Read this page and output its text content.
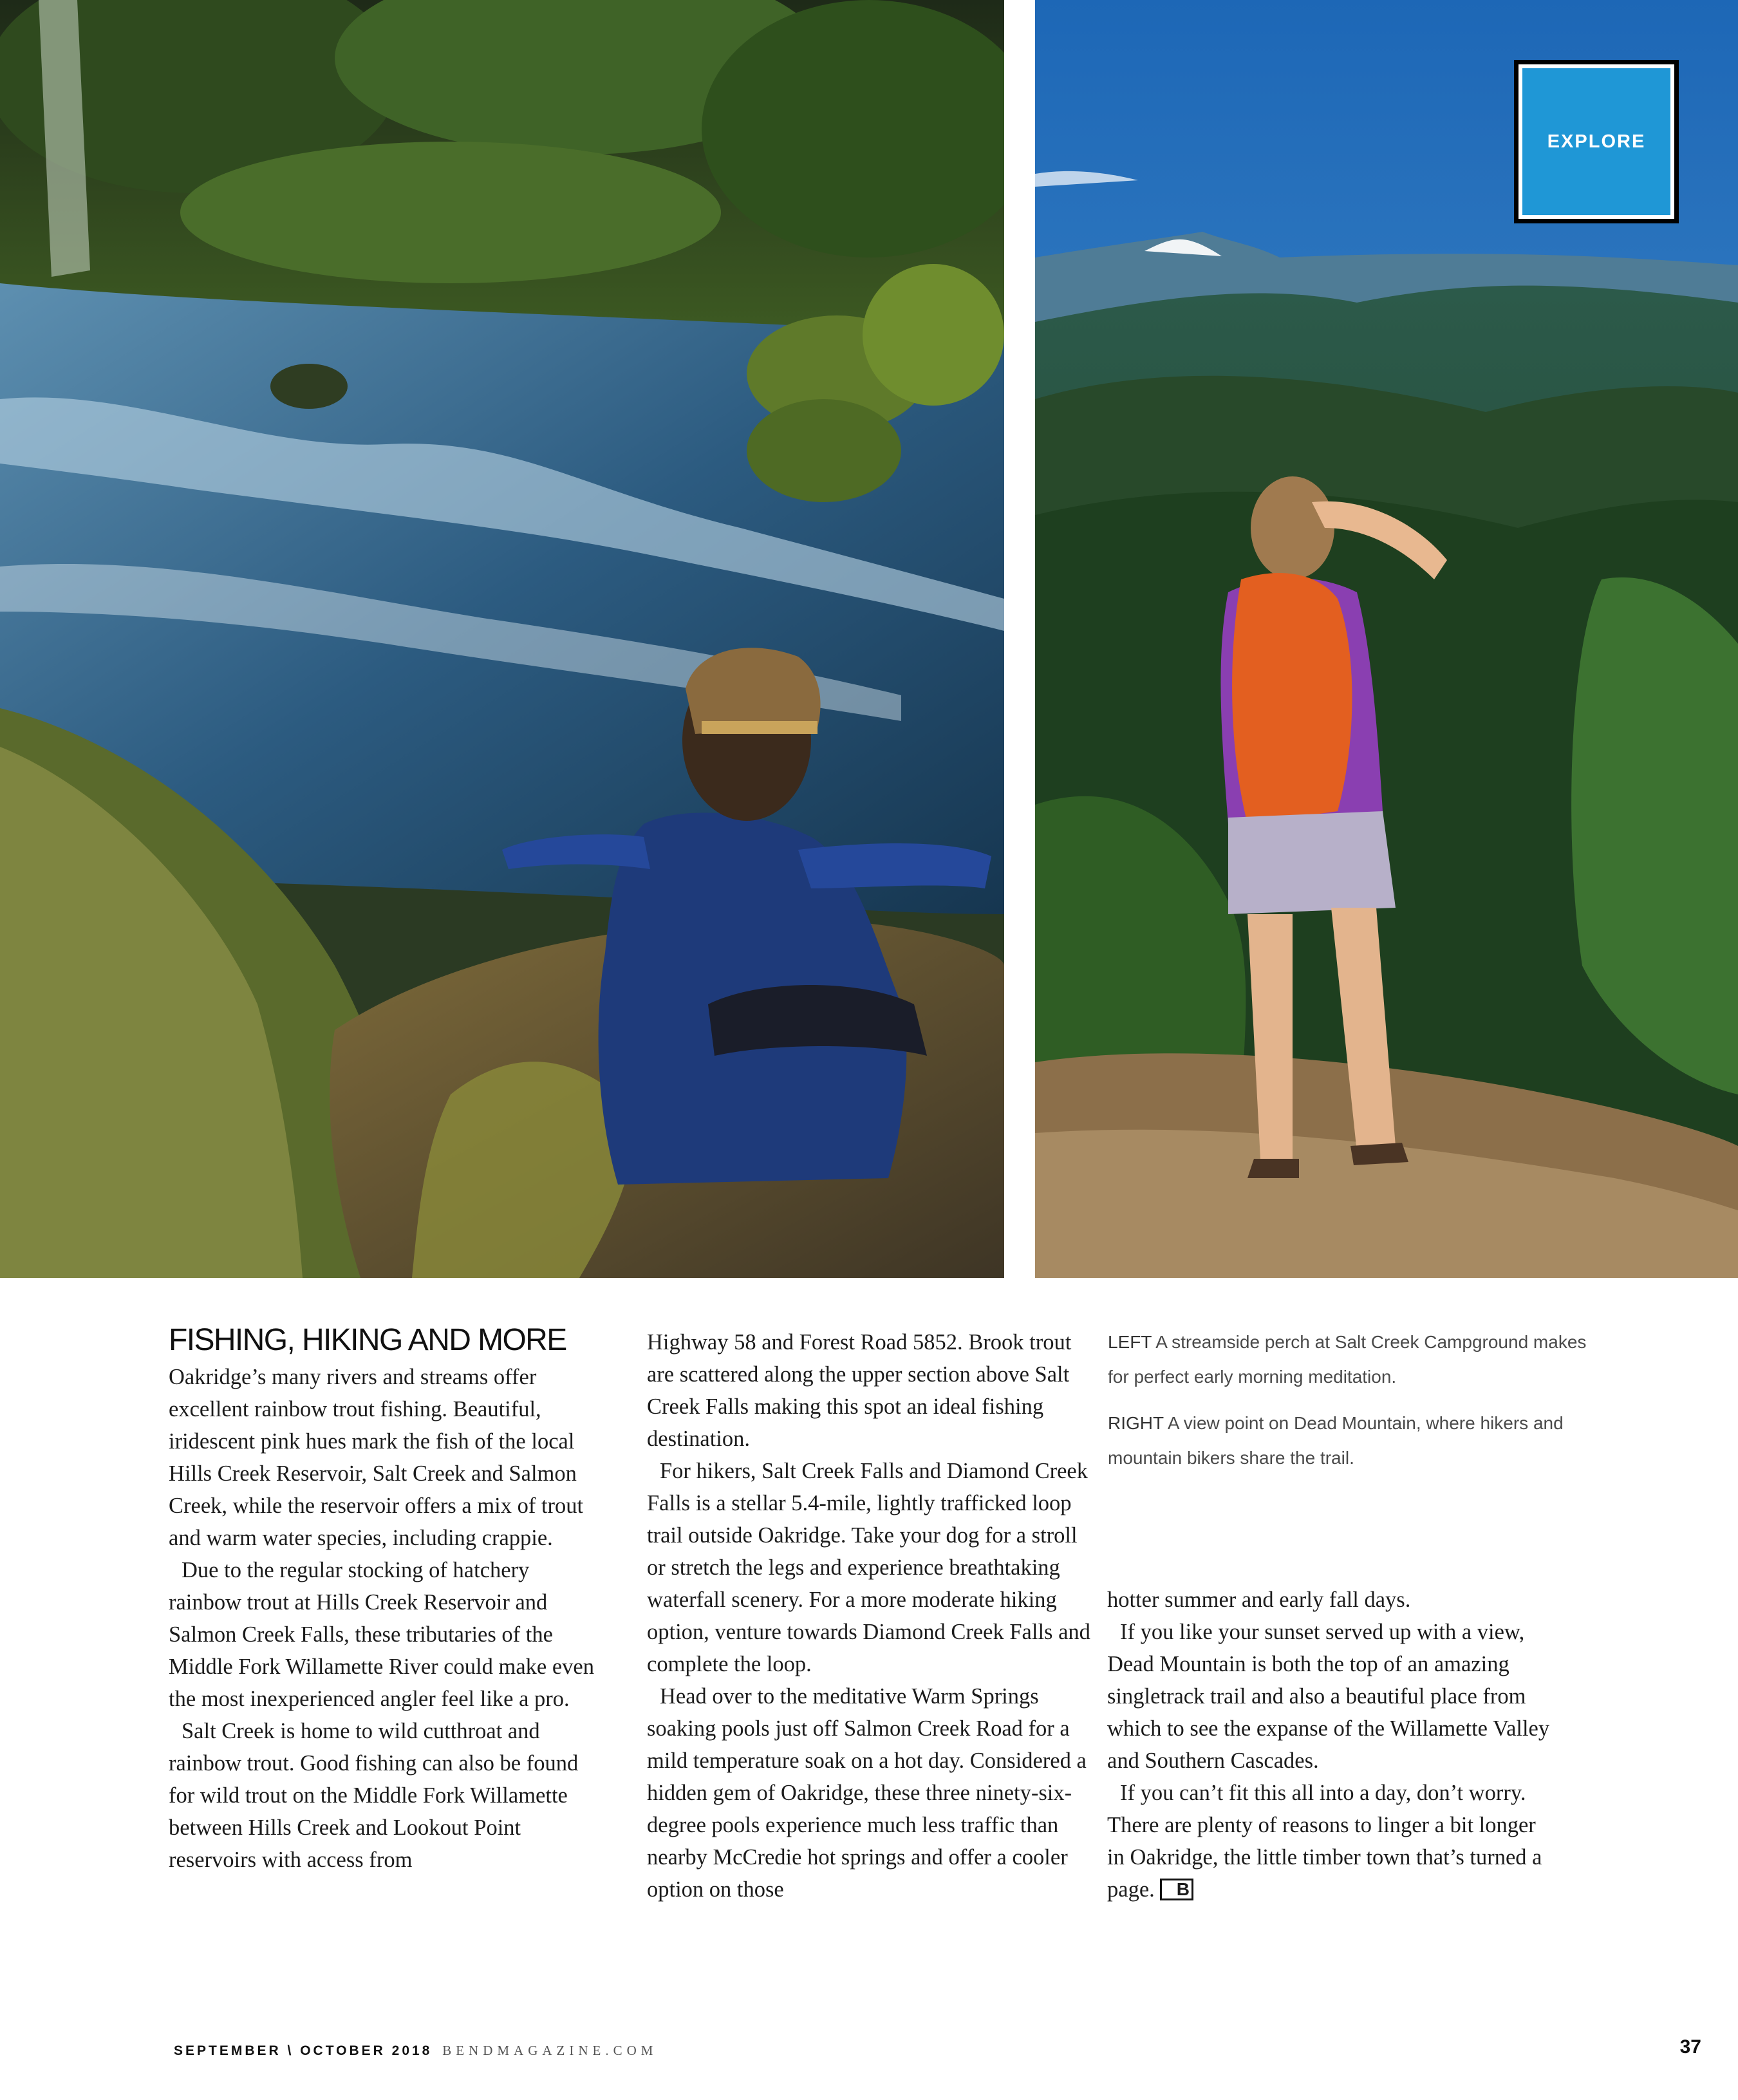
EXPLORE
FISHING, HIKING AND MORE

Oakridge’s many rivers and streams offer excellent rainbow trout fishing. Beautiful, iridescent pink hues mark the fish of the local Hills Creek Reservoir, Salt Creek and Salmon Creek, while the reservoir offers a mix of trout and warm water species, including crappie.

Due to the regular stocking of hatchery rainbow trout at Hills Creek Reservoir and Salmon Creek Falls, these tributaries of the Middle Fork Willamette River could make even the most inexperienced angler feel like a pro.

Salt Creek is home to wild cutthroat and rainbow trout. Good fishing can also be found for wild trout on the Middle Fork Willamette between Hills Creek and Lookout Point reservoirs with access from

Highway 58 and Forest Road 5852. Brook trout are scattered along the upper section above Salt Creek Falls making this spot an ideal fishing destination.

For hikers, Salt Creek Falls and Diamond Creek Falls is a stellar 5.4-mile, lightly trafficked loop trail outside Oakridge. Take your dog for a stroll or stretch the legs and experience breathtaking waterfall scenery. For a more moderate hiking option, venture towards Diamond Creek Falls and complete the loop.

Head over to the meditative Warm Springs soaking pools just off Salmon Creek Road for a mild temperature soak on a hot day. Considered a hidden gem of Oakridge, these three ninety-six-degree pools experience much less traffic than nearby McCredie hot springs and offer a cooler option on those

LEFT A streamside perch at Salt Creek Campground makes for perfect early morning meditation.

RIGHT A view point on Dead Mountain, where hikers and mountain bikers share the trail.

hotter summer and early fall days.

If you like your sunset served up with a view, Dead Mountain is both the top of an amazing singletrack trail and also a beautiful place from which to see the expanse of the Willamette Valley and Southern Cascades.

If you can’t fit this all into a day, don’t worry. There are plenty of reasons to linger a bit longer in Oakridge, the little timber town that’s turned a page. B

SEPTEMBER \ OCTOBER 2018 BENDMAGAZINE.COM	37
